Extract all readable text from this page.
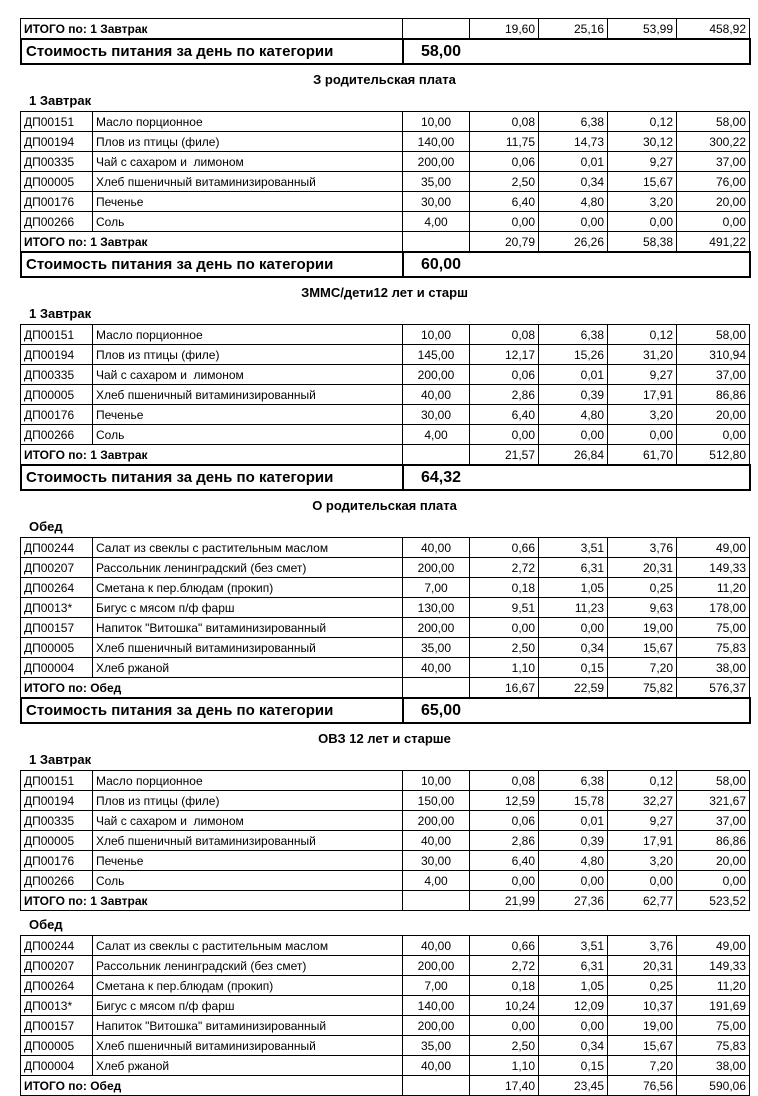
ИТОГО по: 1 Завтрак		19,60	25,16	53,99	458,92
Стоимость питания за день по категории	58,00
З родительская плата
1 Завтрак
ДП00151	Масло порционное	10,00	0,08	6,38	0,12	58,00
ДП00194	Плов из птицы (филе)	140,00	11,75	14,73	30,12	300,22
ДП00335	Чай с сахаром и  лимоном	200,00	0,06	0,01	9,27	37,00
ДП00005	Хлеб пшеничный витаминизированный	35,00	2,50	0,34	15,67	76,00
ДП00176	Печенье	30,00	6,40	4,80	3,20	20,00
ДП00266	Соль	4,00	0,00	0,00	0,00	0,00
ИТОГО по: 1 Завтрак			20,79	26,26	58,38	491,22
Стоимость питания за день по категории	60,00
ЗММС/дети12 лет и старш
1 Завтрак
ДП00151	Масло порционное	10,00	0,08	6,38	0,12	58,00
ДП00194	Плов из птицы (филе)	145,00	12,17	15,26	31,20	310,94
ДП00335	Чай с сахаром и  лимоном	200,00	0,06	0,01	9,27	37,00
ДП00005	Хлеб пшеничный витаминизированный	40,00	2,86	0,39	17,91	86,86
ДП00176	Печенье	30,00	6,40	4,80	3,20	20,00
ДП00266	Соль	4,00	0,00	0,00	0,00	0,00
ИТОГО по: 1 Завтрак			21,57	26,84	61,70	512,80
Стоимость питания за день по категории	64,32
О родительская плата
Обед
ДП00244	Салат из свеклы с растительным маслом	40,00	0,66	3,51	3,76	49,00
ДП00207	Рассольник ленинградский (без смет)	200,00	2,72	6,31	20,31	149,33
ДП00264	Сметана к пер.блюдам (прокип)	7,00	0,18	1,05	0,25	11,20
ДП0013*	Бигус с мясом п/ф фарш	130,00	9,51	11,23	9,63	178,00
ДП00157	Напиток "Витошка" витаминизированный	200,00	0,00	0,00	19,00	75,00
ДП00005	Хлеб пшеничный витаминизированный	35,00	2,50	0,34	15,67	75,83
ДП00004	Хлеб ржаной	40,00	1,10	0,15	7,20	38,00
ИТОГО по: Обед			16,67	22,59	75,82	576,37
Стоимость питания за день по категории	65,00
ОВЗ 12 лет и старше
1 Завтрак
ДП00151	Масло порционное	10,00	0,08	6,38	0,12	58,00
ДП00194	Плов из птицы (филе)	150,00	12,59	15,78	32,27	321,67
ДП00335	Чай с сахаром и  лимоном	200,00	0,06	0,01	9,27	37,00
ДП00005	Хлеб пшеничный витаминизированный	40,00	2,86	0,39	17,91	86,86
ДП00176	Печенье	30,00	6,40	4,80	3,20	20,00
ДП00266	Соль	4,00	0,00	0,00	0,00	0,00
ИТОГО по: 1 Завтрак			21,99	27,36	62,77	523,52
Обед
ДП00244	Салат из свеклы с растительным маслом	40,00	0,66	3,51	3,76	49,00
ДП00207	Рассольник ленинградский (без смет)	200,00	2,72	6,31	20,31	149,33
ДП00264	Сметана к пер.блюдам (прокип)	7,00	0,18	1,05	0,25	11,20
ДП0013*	Бигус с мясом п/ф фарш	140,00	10,24	12,09	10,37	191,69
ДП00157	Напиток "Витошка" витаминизированный	200,00	0,00	0,00	19,00	75,00
ДП00005	Хлеб пшеничный витаминизированный	35,00	2,50	0,34	15,67	75,83
ДП00004	Хлеб ржаной	40,00	1,10	0,15	7,20	38,00
ИТОГО по: Обед			17,40	23,45	76,56	590,06
